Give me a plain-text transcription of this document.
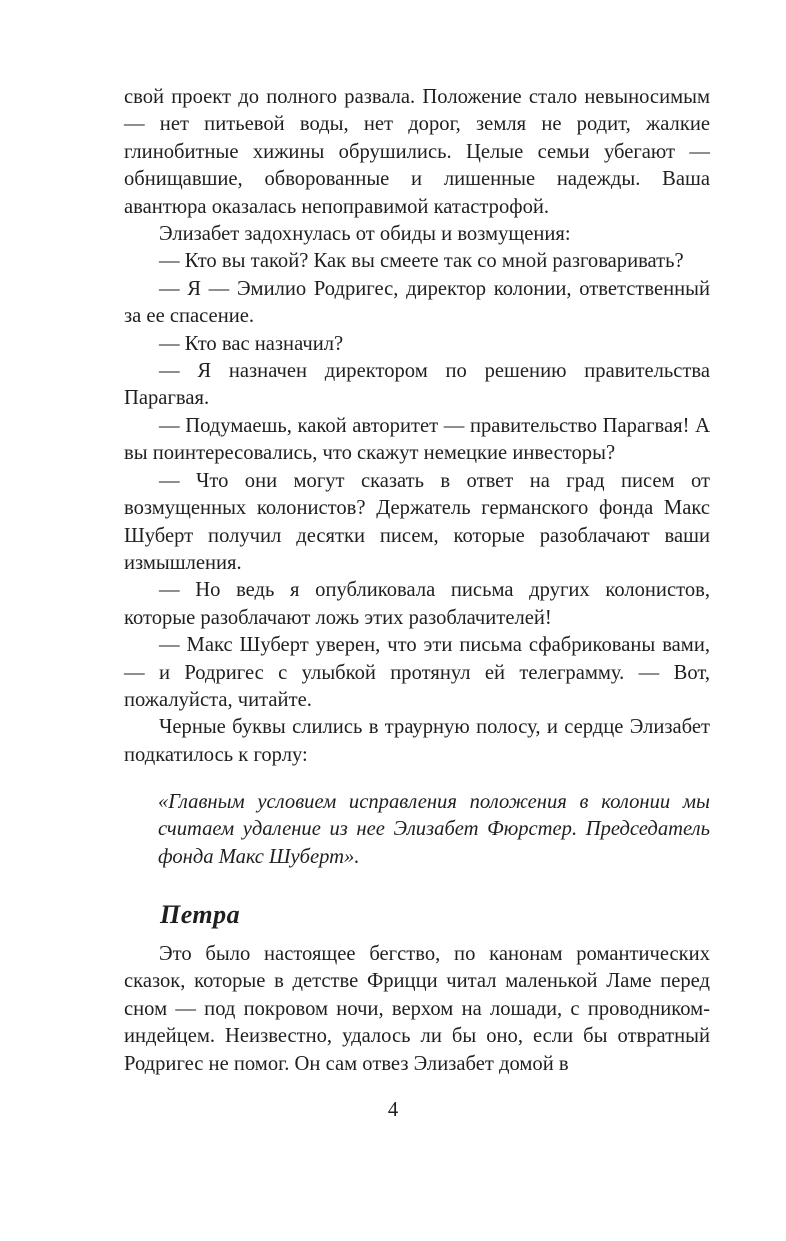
свой проект до полного развала. Положение стало невыносимым — нет питьевой воды, нет дорог, земля не родит, жалкие глинобитные хижины обрушились. Целые семьи убегают — обнищавшие, обворованные и лишенные надежды. Ваша авантюра оказалась непоправимой катастрофой.

Элизабет задохнулась от обиды и возмущения:

— Кто вы такой? Как вы смеете так со мной разговаривать?

— Я — Эмилио Родригес, директор колонии, ответственный за ее спасение.

— Кто вас назначил?

— Я назначен директором по решению правительства Парагвая.

— Подумаешь, какой авторитет — правительство Парагвая! А вы поинтересовались, что скажут немецкие инвесторы?

— Что они могут сказать в ответ на град писем от возмущенных колонистов? Держатель германского фонда Макс Шуберт получил десятки писем, которые разоблачают ваши измышления.

— Но ведь я опубликовала письма других колонистов, которые разоблачают ложь этих разоблачителей!

— Макс Шуберт уверен, что эти письма сфабрикованы вами, — и Родригес с улыбкой протянул ей телеграмму. — Вот, пожалуйста, читайте.

Черные буквы слились в траурную полосу, и сердце Элизабет подкатилось к горлу:

«Главным условием исправления положения в колонии мы считаем удаление из нее Элизабет Фюрстер. Председатель фонда Макс Шуберт».

Петра

Это было настоящее бегство, по канонам романтических сказок, которые в детстве Фрицци читал маленькой Ламе перед сном — под покровом ночи, верхом на лошади, с проводником-индейцем. Неизвестно, удалось ли бы оно, если бы отвратный Родригес не помог. Он сам отвез Элизабет домой в

4
